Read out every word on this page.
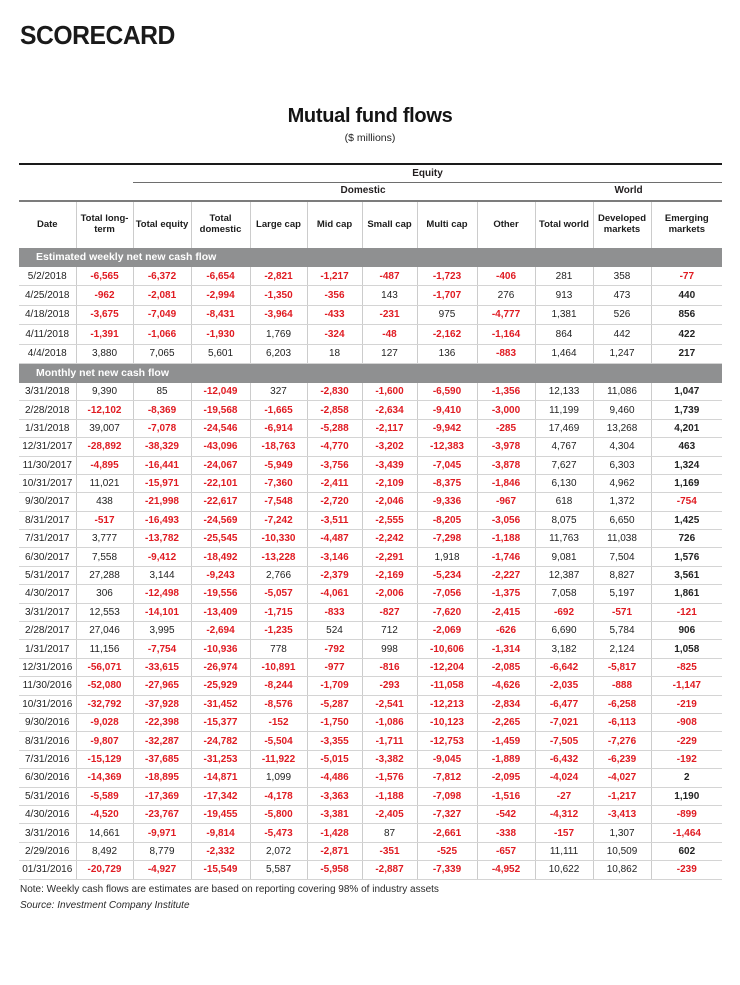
SCORECARD
Mutual fund flows
($ millions)
		Equity									
			Domestic						World		
Date	Total long-term	Total equity	Total domestic	Large cap	Mid cap	Small cap	Multi cap	Other	Total world	Developed markets	Emerging markets
Estimated weekly net new cash flow											
5/2/2018	-6,565	-6,372	-6,654	-2,821	-1,217	-487	-1,723	-406	281	358	-77
4/25/2018	-962	-2,081	-2,994	-1,350	-356	143	-1,707	276	913	473	440
4/18/2018	-3,675	-7,049	-8,431	-3,964	-433	-231	975	-4,777	1,381	526	856
4/11/2018	-1,391	-1,066	-1,930	1,769	-324	-48	-2,162	-1,164	864	442	422
4/4/2018	3,880	7,065	5,601	6,203	18	127	136	-883	1,464	1,247	217
Monthly net new cash flow											
3/31/2018	9,390	85	-12,049	327	-2,830	-1,600	-6,590	-1,356	12,133	11,086	1,047
2/28/2018	-12,102	-8,369	-19,568	-1,665	-2,858	-2,634	-9,410	-3,000	11,199	9,460	1,739
1/31/2018	39,007	-7,078	-24,546	-6,914	-5,288	-2,117	-9,942	-285	17,469	13,268	4,201
12/31/2017	-28,892	-38,329	-43,096	-18,763	-4,770	-3,202	-12,383	-3,978	4,767	4,304	463
11/30/2017	-4,895	-16,441	-24,067	-5,949	-3,756	-3,439	-7,045	-3,878	7,627	6,303	1,324
10/31/2017	11,021	-15,971	-22,101	-7,360	-2,411	-2,109	-8,375	-1,846	6,130	4,962	1,169
9/30/2017	438	-21,998	-22,617	-7,548	-2,720	-2,046	-9,336	-967	618	1,372	-754
8/31/2017	-517	-16,493	-24,569	-7,242	-3,511	-2,555	-8,205	-3,056	8,075	6,650	1,425
7/31/2017	3,777	-13,782	-25,545	-10,330	-4,487	-2,242	-7,298	-1,188	11,763	11,038	726
6/30/2017	7,558	-9,412	-18,492	-13,228	-3,146	-2,291	1,918	-1,746	9,081	7,504	1,576
5/31/2017	27,288	3,144	-9,243	2,766	-2,379	-2,169	-5,234	-2,227	12,387	8,827	3,561
4/30/2017	306	-12,498	-19,556	-5,057	-4,061	-2,006	-7,056	-1,375	7,058	5,197	1,861
3/31/2017	12,553	-14,101	-13,409	-1,715	-833	-827	-7,620	-2,415	-692	-571	-121
2/28/2017	27,046	3,995	-2,694	-1,235	524	712	-2,069	-626	6,690	5,784	906
1/31/2017	11,156	-7,754	-10,936	778	-792	998	-10,606	-1,314	3,182	2,124	1,058
12/31/2016	-56,071	-33,615	-26,974	-10,891	-977	-816	-12,204	-2,085	-6,642	-5,817	-825
11/30/2016	-52,080	-27,965	-25,929	-8,244	-1,709	-293	-11,058	-4,626	-2,035	-888	-1,147
10/31/2016	-32,792	-37,928	-31,452	-8,576	-5,287	-2,541	-12,213	-2,834	-6,477	-6,258	-219
9/30/2016	-9,028	-22,398	-15,377	-152	-1,750	-1,086	-10,123	-2,265	-7,021	-6,113	-908
8/31/2016	-9,807	-32,287	-24,782	-5,504	-3,355	-1,711	-12,753	-1,459	-7,505	-7,276	-229
7/31/2016	-15,129	-37,685	-31,253	-11,922	-5,015	-3,382	-9,045	-1,889	-6,432	-6,239	-192
6/30/2016	-14,369	-18,895	-14,871	1,099	-4,486	-1,576	-7,812	-2,095	-4,024	-4,027	2
5/31/2016	-5,589	-17,369	-17,342	-4,178	-3,363	-1,188	-7,098	-1,516	-27	-1,217	1,190
4/30/2016	-4,520	-23,767	-19,455	-5,800	-3,381	-2,405	-7,327	-542	-4,312	-3,413	-899
3/31/2016	14,661	-9,971	-9,814	-5,473	-1,428	87	-2,661	-338	-157	1,307	-1,464
2/29/2016	8,492	8,779	-2,332	2,072	-2,871	-351	-525	-657	11,111	10,509	602
01/31/2016	-20,729	-4,927	-15,549	5,587	-5,958	-2,887	-7,339	-4,952	10,622	10,862	-239
Note: Weekly cash flows are estimates are based on reporting covering 98% of industry assets
Source: Investment Company Institute
